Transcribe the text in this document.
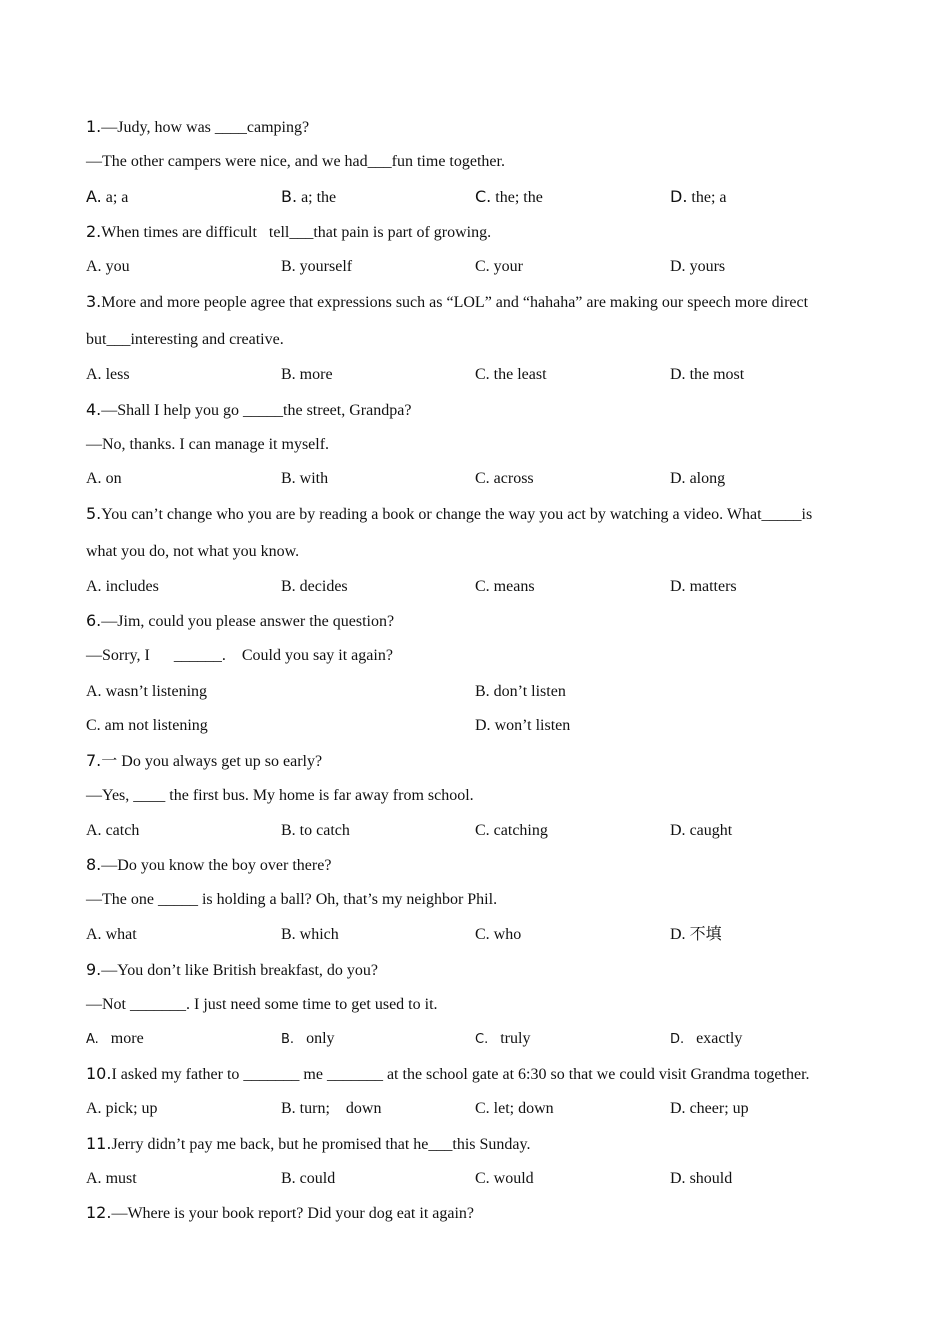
1.—Judy, how was ____camping?
—The other campers were nice, and we had___fun time together.
A. a; a	B. a; the	C. the; the	D. the; a
2.When times are difficult   tell___that pain is part of growing.
A. you	B. yourself	C. your	D. yours
3.More and more people agree that expressions such as “LOL” and “hahaha” are making our speech more direct
but___interesting and creative.
A. less	B. more	C. the least	D. the most
4.—Shall I help you go _____the street, Grandpa?
—No, thanks. I can manage it myself.
A. on	B. with	C. across	D. along
5.You can’t change who you are by reading a book or change the way you act by watching a video. What_____is
what you do, not what you know.
A. includes	B. decides	C. means	D. matters
6.—Jim, could you please answer the question?
—Sorry, I      ______.    Could you say it again?
A. wasn’t listening	B. don’t listen
C. am not listening	D. won’t listen
7.一 Do you always get up so early?
—Yes, ____ the first bus. My home is far away from school.
A. catch	B. to catch	C. catching	D. caught
8.—Do you know the boy over there?
—The one _____ is holding a ball? Oh, that’s my neighbor Phil.
A. what	B. which	C. who	D. 不填
9.—You don’t like British breakfast, do you?
—Not _______. I just need some time to get used to it.
A. more	B. only	C. truly	D. exactly
10.I asked my father to _______ me _______ at the school gate at 6:30 so that we could visit Grandma together.
A. pick; up	B. turn;    down	C. let; down	D. cheer; up
11.Jerry didn’t pay me back, but he promised that he___this Sunday.
A. must	B. could	C. would	D. should
12.—Where is your book report? Did your dog eat it again?
